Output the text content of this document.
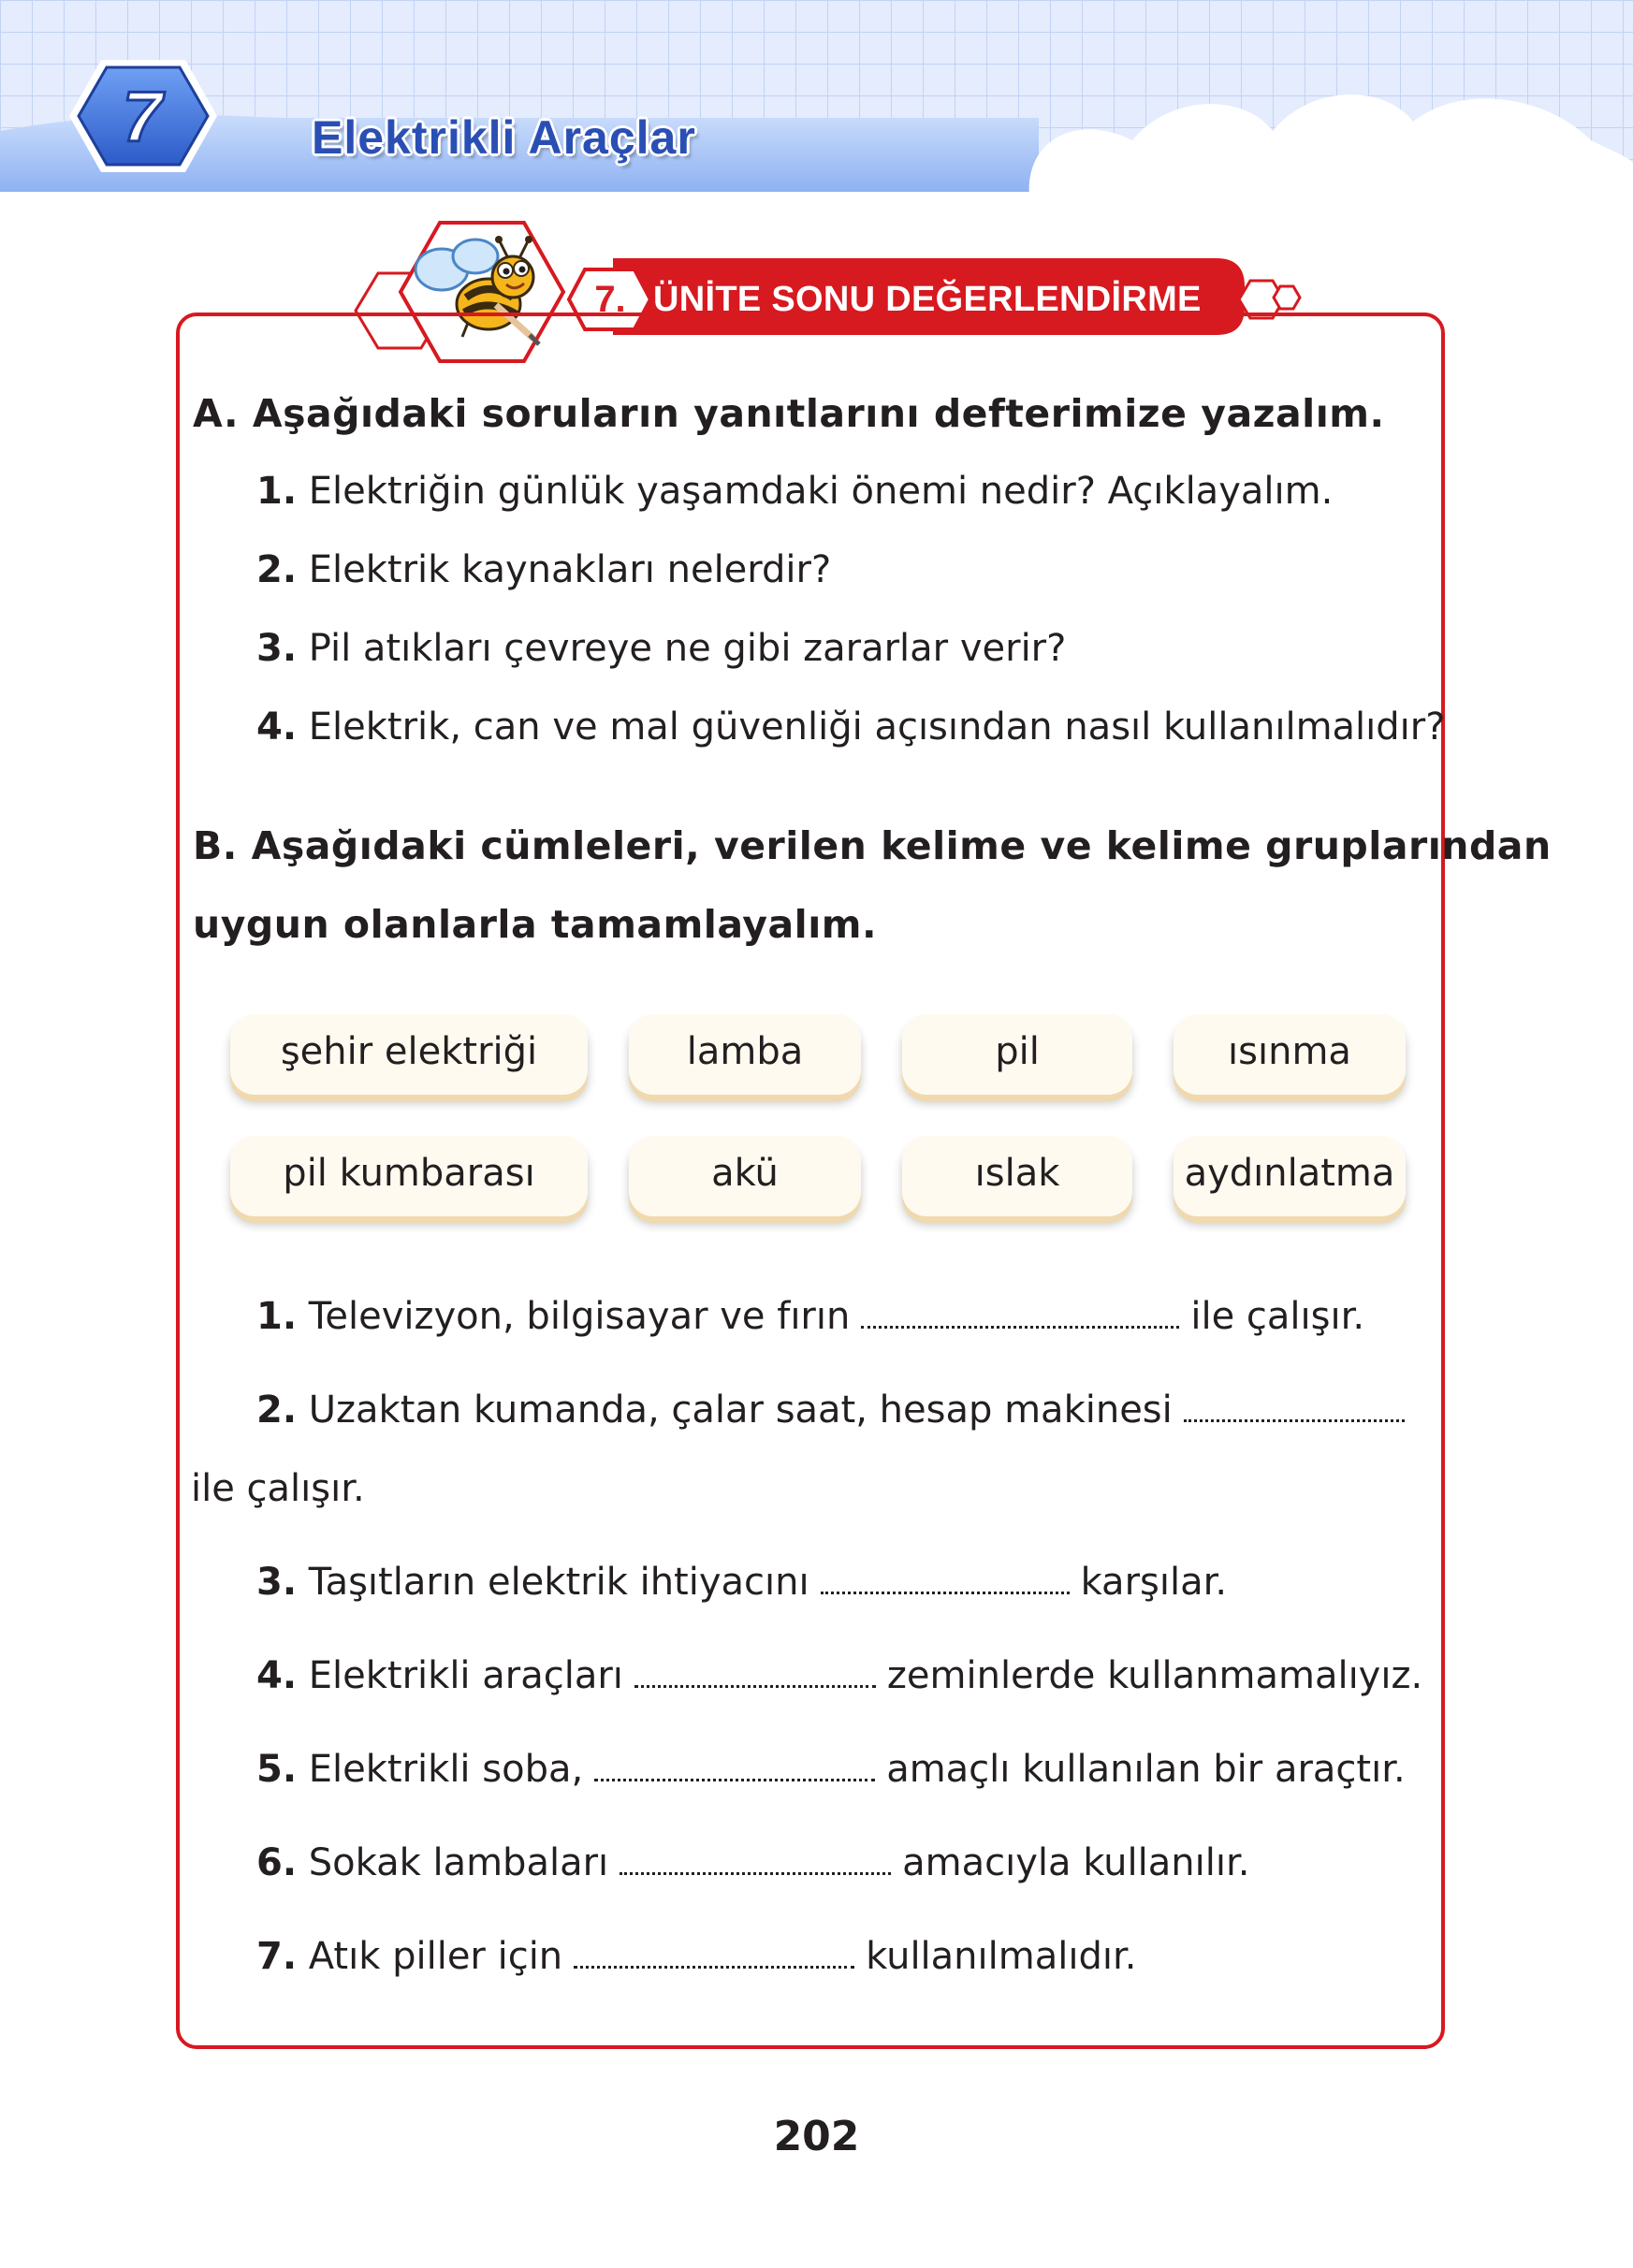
7	Elektrikli Araçlar
7. ÜNİTE SONU DEĞERLENDİRME

A. Aşağıdaki soruların yanıtlarını defterimize yazalım.

1. Elektriğin günlük yaşamdaki önemi nedir? Açıklayalım.

2. Elektrik kaynakları nelerdir?

3. Pil atıkları çevreye ne gibi zararlar verir?

4. Elektrik, can ve mal güvenliği açısından nasıl kullanılmalıdır?

B. Aşağıdaki cümleleri, verilen kelime ve kelime gruplarından

uygun olanlarla tamamlayalım.

şehir elektriği	lamba	pil	ısınma
pil kumbarası	akü	ıslak	aydınlatma

1. Televizyon, bilgisayar ve fırın	ile çalışır.

2. Uzaktan kumanda, çalar saat, hesap makinesi

ile çalışır.

3. Taşıtların elektrik ihtiyacını	karşılar.

4. Elektrikli araçları	zeminlerde kullanmamalıyız.

5. Elektrikli soba,	amaçlı kullanılan bir araçtır.

6. Sokak lambaları	amacıyla kullanılır.

7. Atık piller için	kullanılmalıdır.

202
